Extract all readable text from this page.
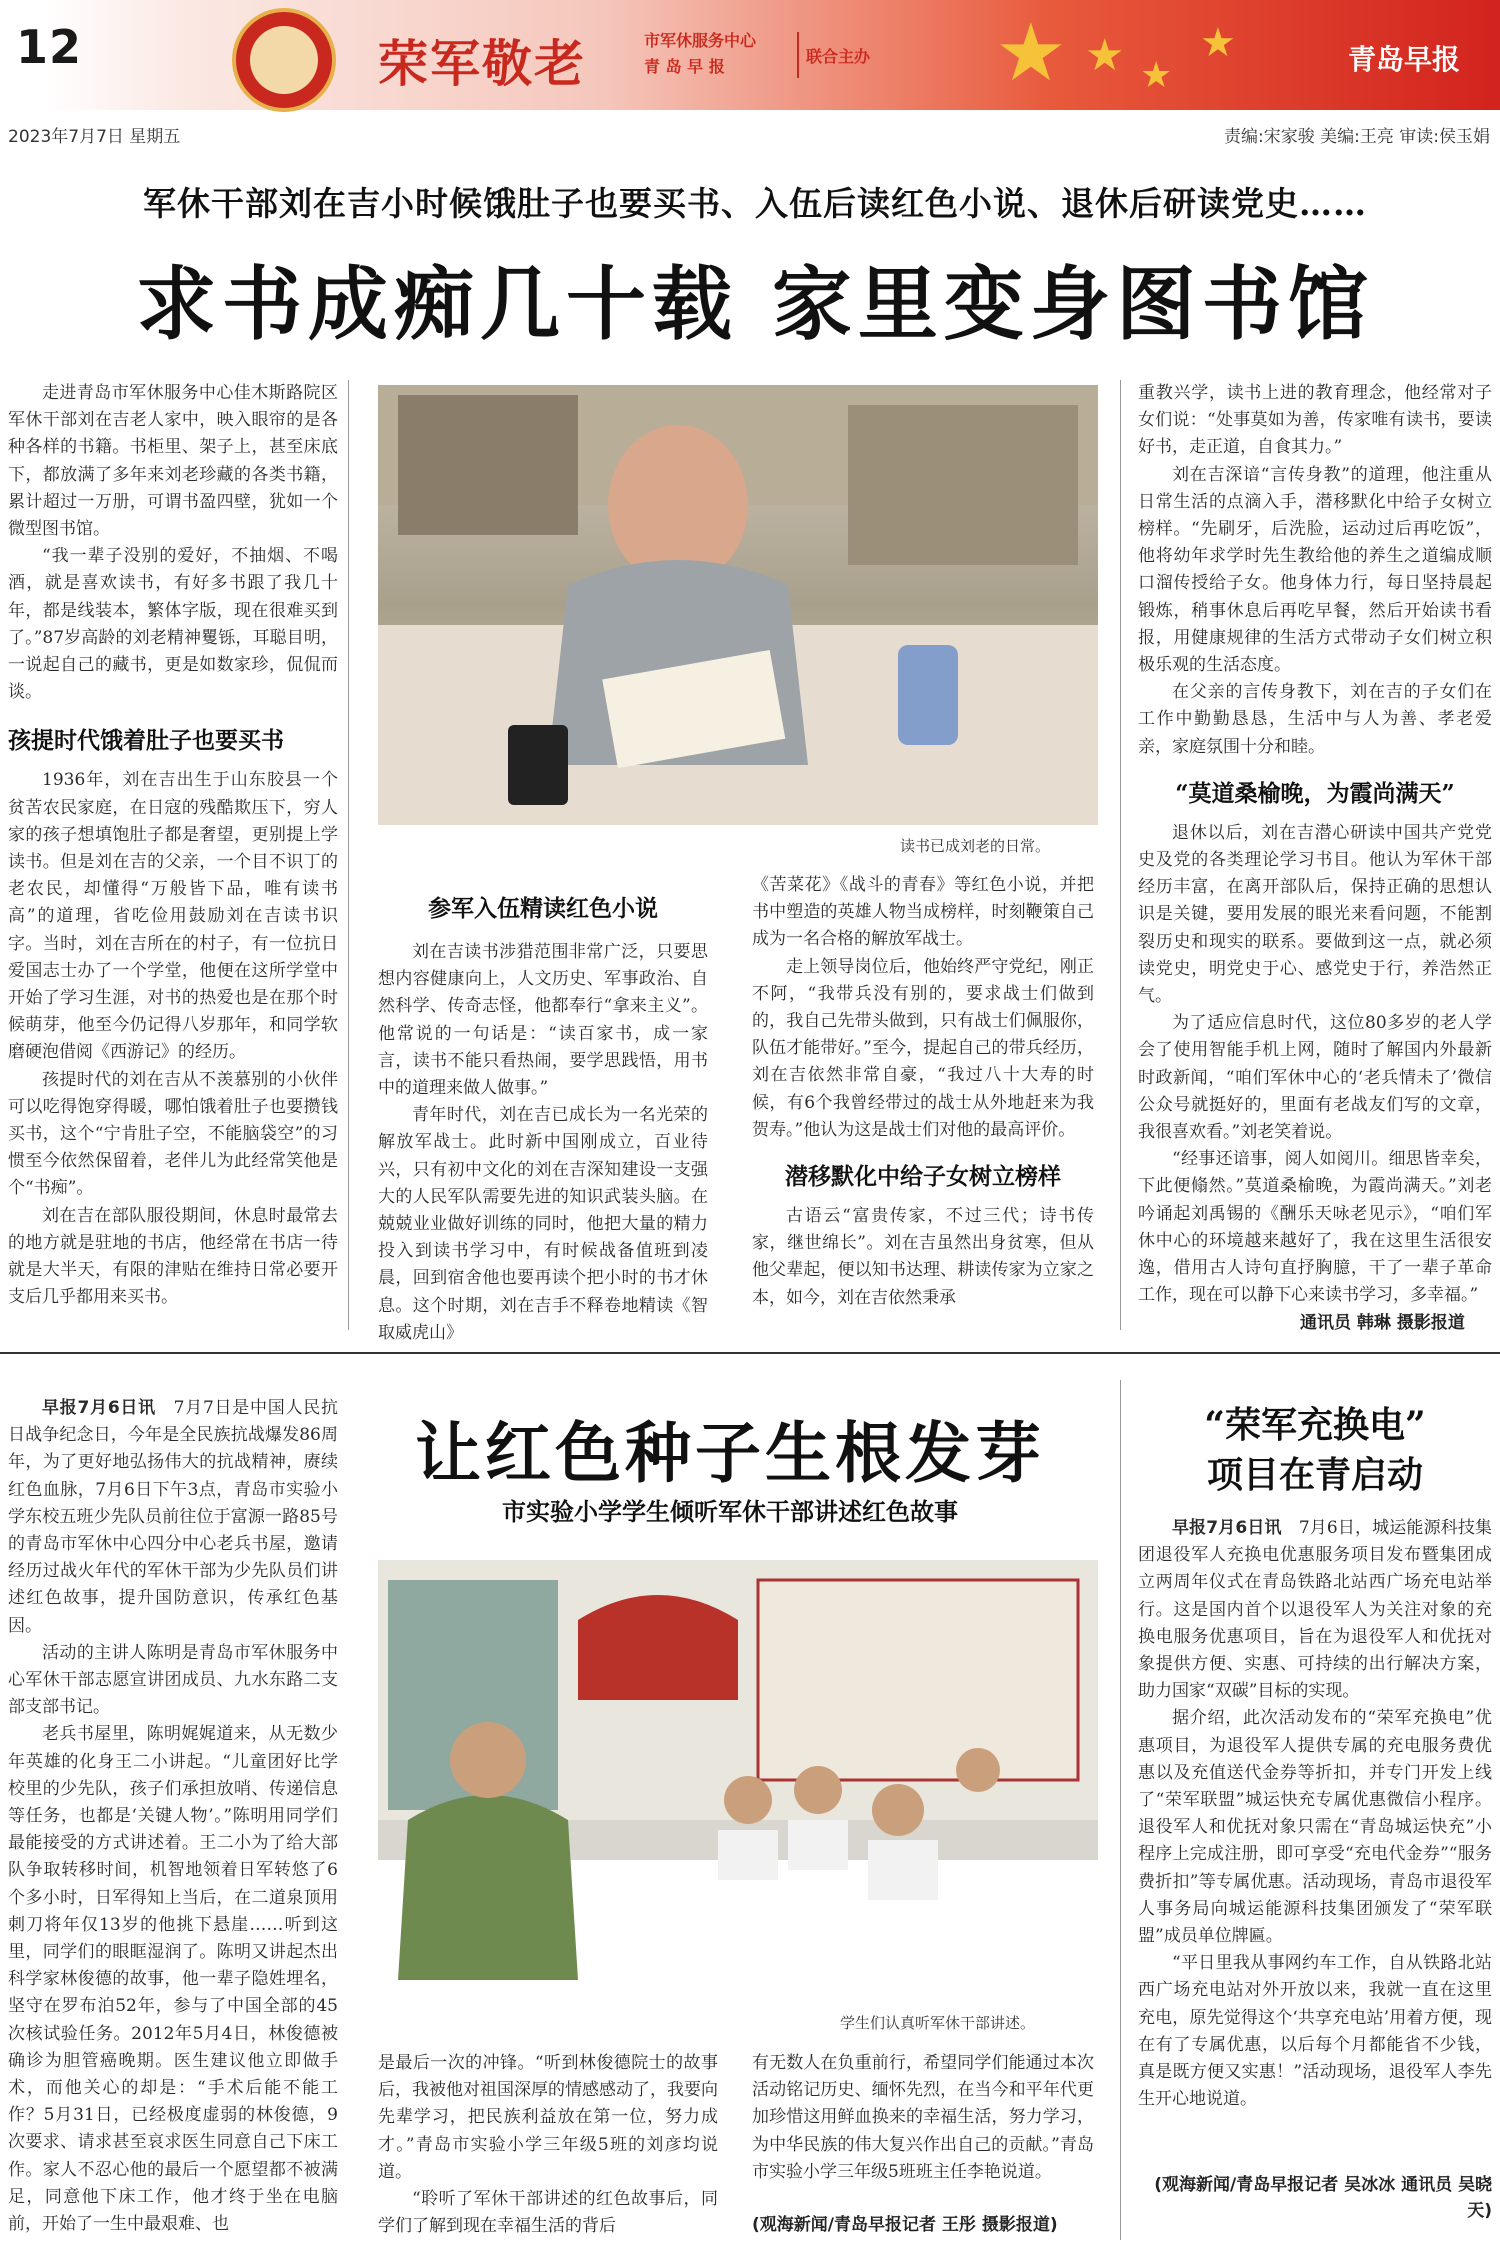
12	荣军敬老	市军休服务中心
青 岛 早 报
联合主办 ★ ★ ★
★	青岛早报
2023年7月7日 星期五	责编:宋家骏 美编:王亮 审读:侯玉娟
军休干部刘在吉小时候饿肚子也要买书、入伍后读红色小说、退休后研读党史……
求书成痴几十载 家里变身图书馆

走进青岛市军休服务中心佳木斯路院区军休干部刘在吉老人家中，映入眼帘的是各种各样的书籍。书柜里、架子上，甚至床底下，都放满了多年来刘老珍藏的各类书籍，累计超过一万册，可谓书盈四壁，犹如一个微型图书馆。

“我一辈子没别的爱好，不抽烟、不喝酒，就是喜欢读书，有好多书跟了我几十年，都是线装本，繁体字版，现在很难买到了。”87岁高龄的刘老精神矍铄，耳聪目明，一说起自己的藏书，更是如数家珍，侃侃而谈。

孩提时代饿着肚子也要买书

1936年，刘在吉出生于山东胶县一个贫苦农民家庭，在日寇的残酷欺压下，穷人家的孩子想填饱肚子都是奢望，更别提上学读书。但是刘在吉的父亲，一个目不识丁的老农民，却懂得“万般皆下品，唯有读书高”的道理，省吃俭用鼓励刘在吉读书识字。当时，刘在吉所在的村子，有一位抗日爱国志士办了一个学堂，他便在这所学堂中开始了学习生涯，对书的热爱也是在那个时候萌芽，他至今仍记得八岁那年，和同学软磨硬泡借阅《西游记》的经历。

孩提时代的刘在吉从不羡慕别的小伙伴可以吃得饱穿得暖，哪怕饿着肚子也要攒钱买书，这个“宁肯肚子空，不能脑袋空”的习惯至今依然保留着，老伴儿为此经常笑他是个“书痴”。

刘在吉在部队服役期间，休息时最常去的地方就是驻地的书店，他经常在书店一待就是大半天，有限的津贴在维持日常必要开支后几乎都用来买书。

读书已成刘老的日常。
参军入伍精读红色小说

刘在吉读书涉猎范围非常广泛，只要思想内容健康向上，人文历史、军事政治、自然科学、传奇志怪，他都奉行“拿来主义”。他常说的一句话是：“读百家书，成一家言，读书不能只看热闹，要学思践悟，用书中的道理来做人做事。”

青年时代，刘在吉已成长为一名光荣的解放军战士。此时新中国刚成立，百业待兴，只有初中文化的刘在吉深知建设一支强大的人民军队需要先进的知识武装头脑。在兢兢业业做好训练的同时，他把大量的精力投入到读书学习中，有时候战备值班到凌晨，回到宿舍他也要再读个把小时的书才休息。这个时期，刘在吉手不释卷地精读《智取威虎山》

《苦菜花》《战斗的青春》等红色小说，并把书中塑造的英雄人物当成榜样，时刻鞭策自己成为一名合格的解放军战士。

走上领导岗位后，他始终严守党纪，刚正不阿，“我带兵没有别的，要求战士们做到的，我自己先带头做到，只有战士们佩服你，队伍才能带好。”至今，提起自己的带兵经历，刘在吉依然非常自豪，“我过八十大寿的时候，有6个我曾经带过的战士从外地赶来为我贺寿。”他认为这是战士们对他的最高评价。

潜移默化中给子女树立榜样

古语云“富贵传家，不过三代；诗书传家，继世绵长”。刘在吉虽然出身贫寒，但从他父辈起，便以知书达理、耕读传家为立家之本，如今，刘在吉依然秉承

重教兴学，读书上进的教育理念，他经常对子女们说：“处事莫如为善，传家唯有读书，要读好书，走正道，自食其力。”

刘在吉深谙“言传身教”的道理，他注重从日常生活的点滴入手，潜移默化中给子女树立榜样。“先刷牙，后洗脸，运动过后再吃饭”，他将幼年求学时先生教给他的养生之道编成顺口溜传授给子女。他身体力行，每日坚持晨起锻炼，稍事休息后再吃早餐，然后开始读书看报，用健康规律的生活方式带动子女们树立积极乐观的生活态度。

在父亲的言传身教下，刘在吉的子女们在工作中勤勤恳恳，生活中与人为善、孝老爱亲，家庭氛围十分和睦。

“莫道桑榆晚，为霞尚满天”

退休以后，刘在吉潜心研读中国共产党党史及党的各类理论学习书目。他认为军休干部经历丰富，在离开部队后，保持正确的思想认识是关键，要用发展的眼光来看问题，不能割裂历史和现实的联系。要做到这一点，就必须读党史，明党史于心、感党史于行，养浩然正气。

为了适应信息时代，这位80多岁的老人学会了使用智能手机上网，随时了解国内外最新时政新闻，“咱们军休中心的‘老兵情未了’微信公众号就挺好的，里面有老战友们写的文章，我很喜欢看。”刘老笑着说。

“经事还谙事，阅人如阅川。细思皆幸矣，下此便翛然。”莫道桑榆晚，为霞尚满天。”刘老吟诵起刘禹锡的《酬乐天咏老见示》，“咱们军休中心的环境越来越好了，我在这里生活很安逸，借用古人诗句直抒胸臆，干了一辈子革命工作，现在可以静下心来读书学习，多幸福。”

通讯员 韩琳 摄影报道

早报7月6日讯　 7月7日是中国人民抗日战争纪念日，今年是全民族抗战爆发86周年，为了更好地弘扬伟大的抗战精神，赓续红色血脉，7月6日下午3点，青岛市实验小学东校五班少先队员前往位于富源一路85号的青岛市军休中心四分中心老兵书屋，邀请经历过战火年代的军休干部为少先队员们讲述红色故事，提升国防意识，传承红色基因。

活动的主讲人陈明是青岛市军休服务中心军休干部志愿宣讲团成员、九水东路二支部支部书记。

老兵书屋里，陈明娓娓道来，从无数少年英雄的化身王二小讲起。“儿童团好比学校里的少先队，孩子们承担放哨、传递信息等任务，也都是‘关键人物’。”陈明用同学们最能接受的方式讲述着。王二小为了给大部队争取转移时间，机智地领着日军转悠了6个多小时，日军得知上当后，在二道泉顶用刺刀将年仅13岁的他挑下悬崖……听到这里，同学们的眼眶湿润了。陈明又讲起杰出科学家林俊德的故事，他一辈子隐姓埋名，坚守在罗布泊52年，参与了中国全部的45次核试验任务。2012年5月4日，林俊德被确诊为胆管癌晚期。医生建议他立即做手术，而他关心的却是：“手术后能不能工作？5月31日，已经极度虚弱的林俊德，9次要求、请求甚至哀求医生同意自己下床工作。家人不忍心他的最后一个愿望都不被满足，同意他下床工作，他才终于坐在电脑前，开始了一生中最艰难、也

让红色种子生根发芽
市实验小学学生倾听军休干部讲述红色故事
学生们认真听军休干部讲述。

是最后一次的冲锋。“听到林俊德院士的故事后，我被他对祖国深厚的情感感动了，我要向先辈学习，把民族利益放在第一位，努力成才。”青岛市实验小学三年级5班的刘彦均说道。

“聆听了军休干部讲述的红色故事后，同学们了解到现在幸福生活的背后

有无数人在负重前行，希望同学们能通过本次活动铭记历史、缅怀先烈，在当今和平年代更加珍惜这用鲜血换来的幸福生活，努力学习，为中华民族的伟大复兴作出自己的贡献。”青岛市实验小学三年级5班班主任李艳说道。

(观海新闻/青岛早报记者 王彤 摄影报道)
“荣军充换电”
项目在青启动

早报7月6日讯　 7月6日，城运能源科技集团退役军人充换电优惠服务项目发布暨集团成立两周年仪式在青岛铁路北站西广场充电站举行。这是国内首个以退役军人为关注对象的充换电服务优惠项目，旨在为退役军人和优抚对象提供方便、实惠、可持续的出行解决方案，助力国家“双碳”目标的实现。

据介绍，此次活动发布的“荣军充换电”优惠项目，为退役军人提供专属的充电服务费优惠以及充值送代金券等折扣，并专门开发上线了“荣军联盟”城运快充专属优惠微信小程序。退役军人和优抚对象只需在“青岛城运快充”小程序上完成注册，即可享受“充电代金券”“服务费折扣”等专属优惠。活动现场，青岛市退役军人事务局向城运能源科技集团颁发了“荣军联盟”成员单位牌匾。

“平日里我从事网约车工作，自从铁路北站西广场充电站对外开放以来，我就一直在这里充电，原先觉得这个‘共享充电站’用着方便，现在有了专属优惠，以后每个月都能省不少钱，真是既方便又实惠！”活动现场，退役军人李先生开心地说道。

(观海新闻/青岛早报记者 吴冰冰 通讯员 吴晓天)
